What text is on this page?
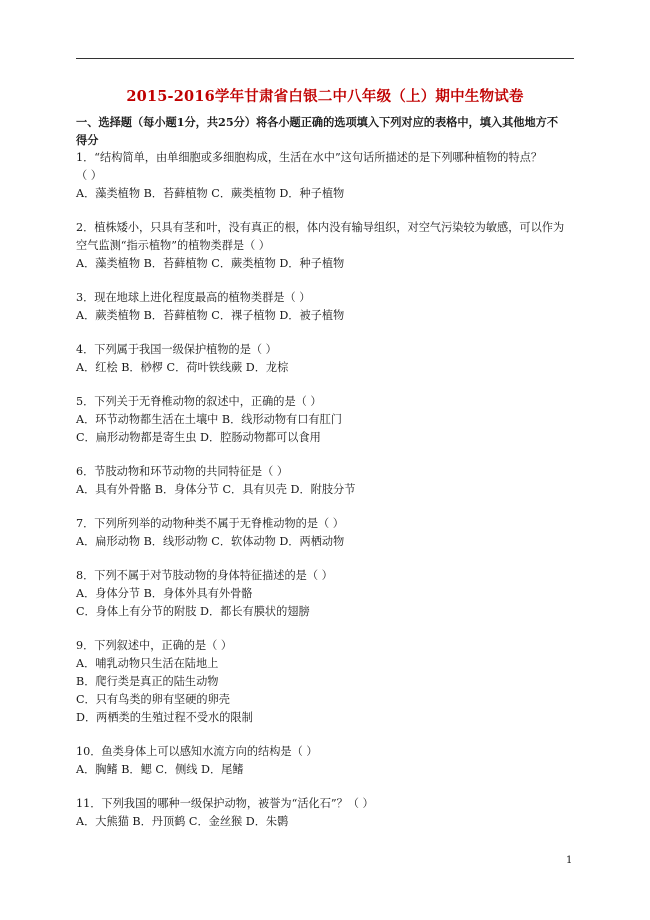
2015-2016学年甘肃省白银二中八年级（上）期中生物试卷
一、选择题（每小题1分，共25分）将各小题正确的选项填入下列对应的表格中，填入其他地方不
得分
1．“结构简单，由单细胞或多细胞构成，生活在水中”这句话所描述的是下列哪种植物的特点？
（ ）
A．藻类植物 B．苔藓植物 C．蕨类植物 D．种子植物
2．植株矮小，只具有茎和叶，没有真正的根，体内没有输导组织，对空气污染较为敏感，可以作为
空气监测“指示植物”的植物类群是（ ）
A．藻类植物 B．苔藓植物 C．蕨类植物 D．种子植物
3．现在地球上进化程度最高的植物类群是（ ）
A．蕨类植物 B．苔藓植物 C．裸子植物 D．被子植物
4．下列属于我国一级保护植物的是（ ）
A．红桧 B．桫椤 C．荷叶铁线蕨 D．龙棕
5．下列关于无脊椎动物的叙述中，正确的是（ ）
A．环节动物都生活在土壤中 B．线形动物有口有肛门
C．扁形动物都是寄生虫 D．腔肠动物都可以食用
6．节肢动物和环节动物的共同特征是（ ）
A．具有外骨骼 B．身体分节 C．具有贝壳 D．附肢分节
7．下列所列举的动物种类不属于无脊椎动物的是（ ）
A．扁形动物 B．线形动物 C．软体动物 D．两栖动物
8．下列不属于对节肢动物的身体特征描述的是（ ）
A．身体分节 B．身体外具有外骨骼
C．身体上有分节的附肢 D．都长有膜状的翅膀
9．下列叙述中，正确的是（ ）
A．哺乳动物只生活在陆地上
B．爬行类是真正的陆生动物
C．只有鸟类的卵有坚硬的卵壳
D．两栖类的生殖过程不受水的限制
10．鱼类身体上可以感知水流方向的结构是（ ）
A．胸鳍 B．鳃 C．侧线 D．尾鳍
11．下列我国的哪种一级保护动物，被誉为“活化石”？（ ）
A．大熊猫 B．丹顶鹤 C．金丝猴 D．朱鹮
1
